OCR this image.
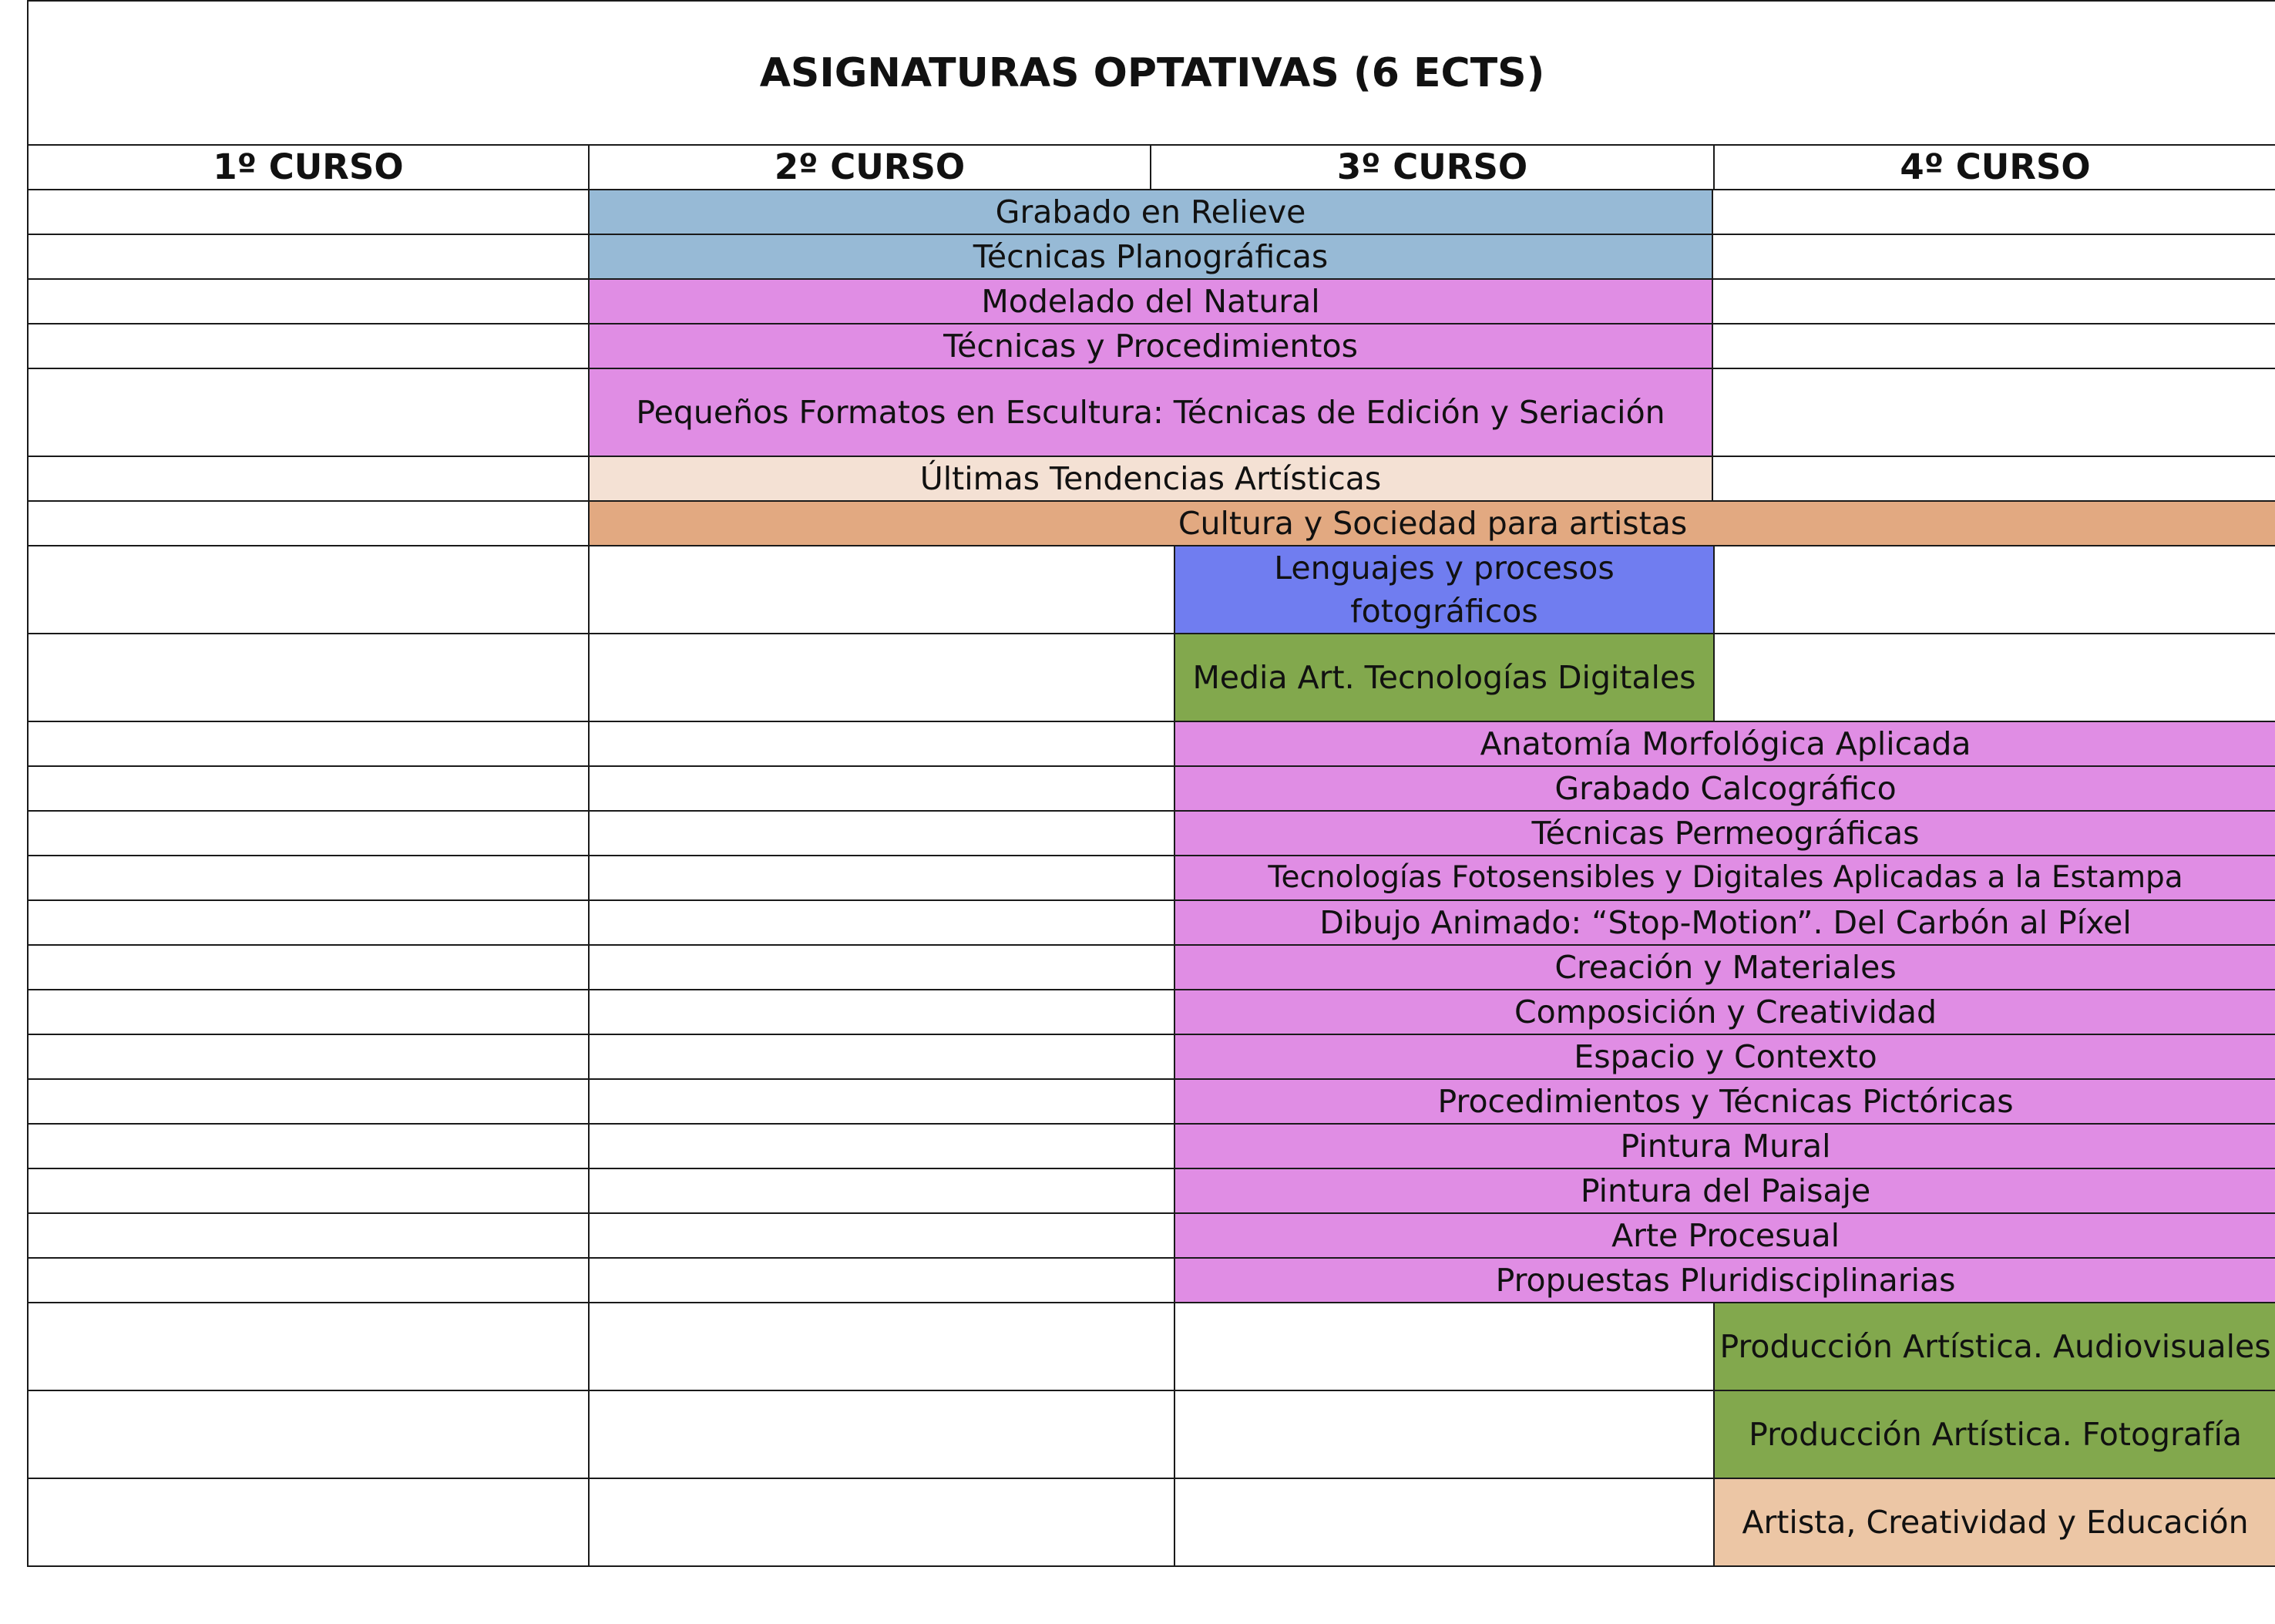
ASIGNATURAS OPTATIVAS (6 ECTS)					
1º CURSO	2º CURSO	3º CURSO			4º CURSO
	Grabado en Relieve				
	Técnicas Planográficas				
	Modelado del Natural				
	Técnicas y Procedimientos				
	Pequeños Formatos en Escultura: Técnicas de Edición y Seriación				
	Últimas Tendencias Artísticas				
	Cultura y Sociedad para artistas				
			Lenguajes y procesos fotográficos		
			Media Art. Tecnologías Digitales		
			Anatomía Morfológica Aplicada		
			Grabado Calcográfico		
			Técnicas Permeográficas		
			Tecnologías Fotosensibles y Digitales Aplicadas a la Estampa		
			Dibujo Animado: “Stop-Motion”. Del Carbón al Píxel		
			Creación y Materiales		
			Composición y Creatividad		
			Espacio y Contexto		
			Procedimientos y Técnicas Pictóricas		
			Pintura Mural		
			Pintura del Paisaje		
			Arte Procesual		
			Propuestas Pluridisciplinarias		
					Producción Artística. Audiovisuales
					Producción Artística. Fotografía
					Artista, Creatividad y Educación
